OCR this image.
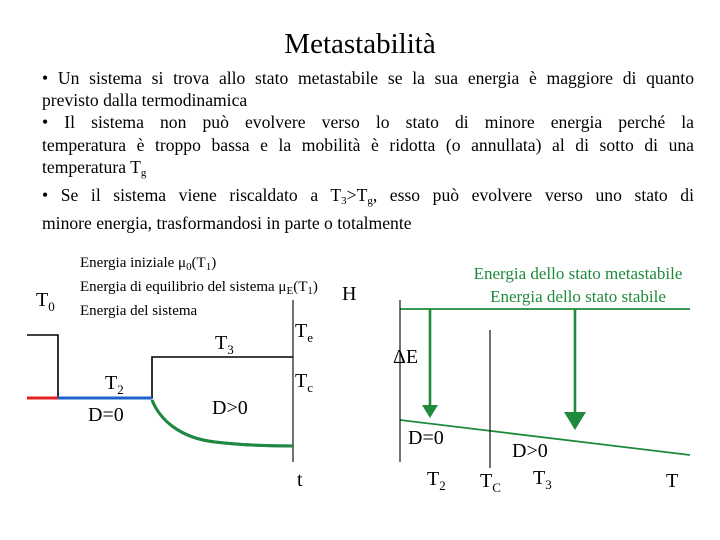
Metastabilità
• Un sistema si trova allo stato metastabile se la sua energia è maggiore di quanto
previsto dalla termodinamica
• Il sistema non può evolvere verso lo stato di minore energia perché la
temperatura è troppo bassa e la mobilità è ridotta (o annullata) al di sotto di una
temperatura $T_g$
• Se il sistema viene riscaldato a $T_3>T_g$, esso può evolvere verso uno stato di
minore energia, trasformandosi in parte o totalmente
Energia iniziale $\mu_0(T_1)$
Energia di equilibrio del sistema $\mu_E(T_1)$
Energia del sistema
H
$T_0$
$T_3$
$T_e$
$T_2$	$T_c$
D=0	D>0
t
Energia dello stato metastabile
Energia dello stato stabile
ΔE
D=0
D>0
$T_2$ $T_C$ $T_3$	T
